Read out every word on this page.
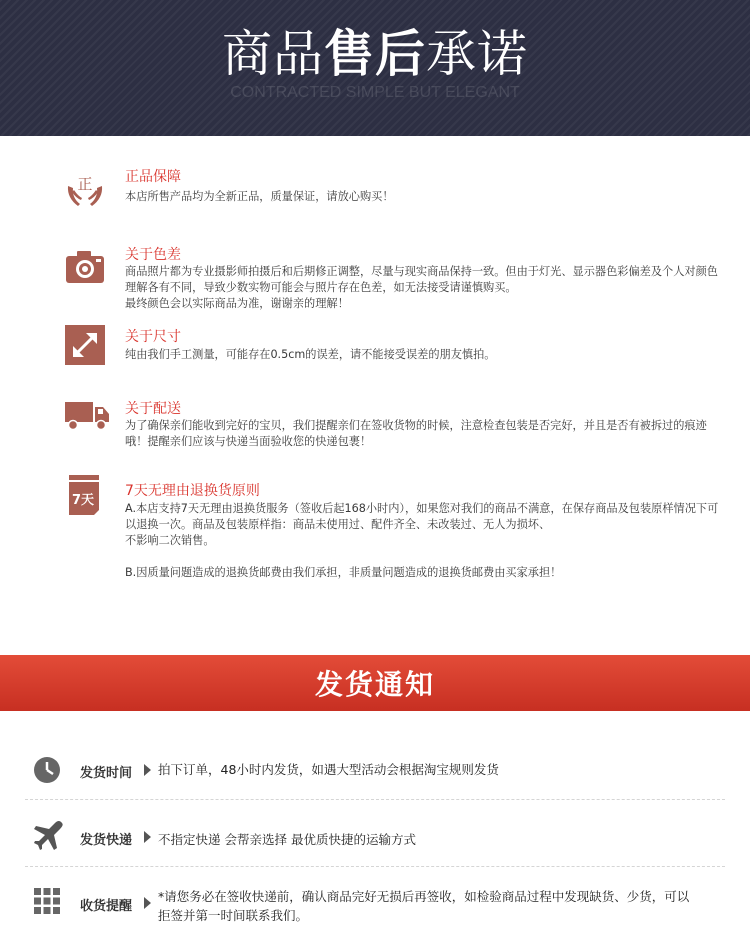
商品售后承诺
CONTRACTED SIMPLE BUT ELEGANT
正 正品保障
本店所售产品均为全新正品，质量保证，请放心购买！
关于色差
商品照片都为专业摄影师拍摄后和后期修正调整，尽量与现实商品保持一致。但由于灯光、显示器色彩偏差及个人对颜色理解各有不同，导致少数实物可能会与照片存在色差，如无法接受请谨慎购买。
最终颜色会以实际商品为准，谢谢亲的理解！
关于尺寸
纯由我们手工测量，可能存在0.5cm的误差，请不能接受误差的朋友慎拍。
关于配送
为了确保亲们能收到完好的宝贝，我们提醒亲们在签收货物的时候，注意检查包装是否完好，并且是否有被拆过的痕迹哦！提醒亲们应该与快递当面验收您的快递包裹！
7天
7天无理由退换货原则
A.本店支持7天无理由退换货服务（签收后起168小时内），如果您对我们的商品不满意，在保存商品及包装原样情况下可以退换一次。商品及包装原样指：商品未使用过、配件齐全、未改装过、无人为损坏、
不影响二次销售。
B.因质量问题造成的退换货邮费由我们承担，非质量问题造成的退换货邮费由买家承担！
发货通知
发货时间 拍下订单，48小时内发货，如遇大型活动会根据淘宝规则发货
发货快递 不指定快递 会帮亲选择 最优质快捷的运输方式
收货提醒
*请您务必在签收快递前，确认商品完好无损后再签收，如检验商品过程中发现缺货、少货，可以拒签并第一时间联系我们。
